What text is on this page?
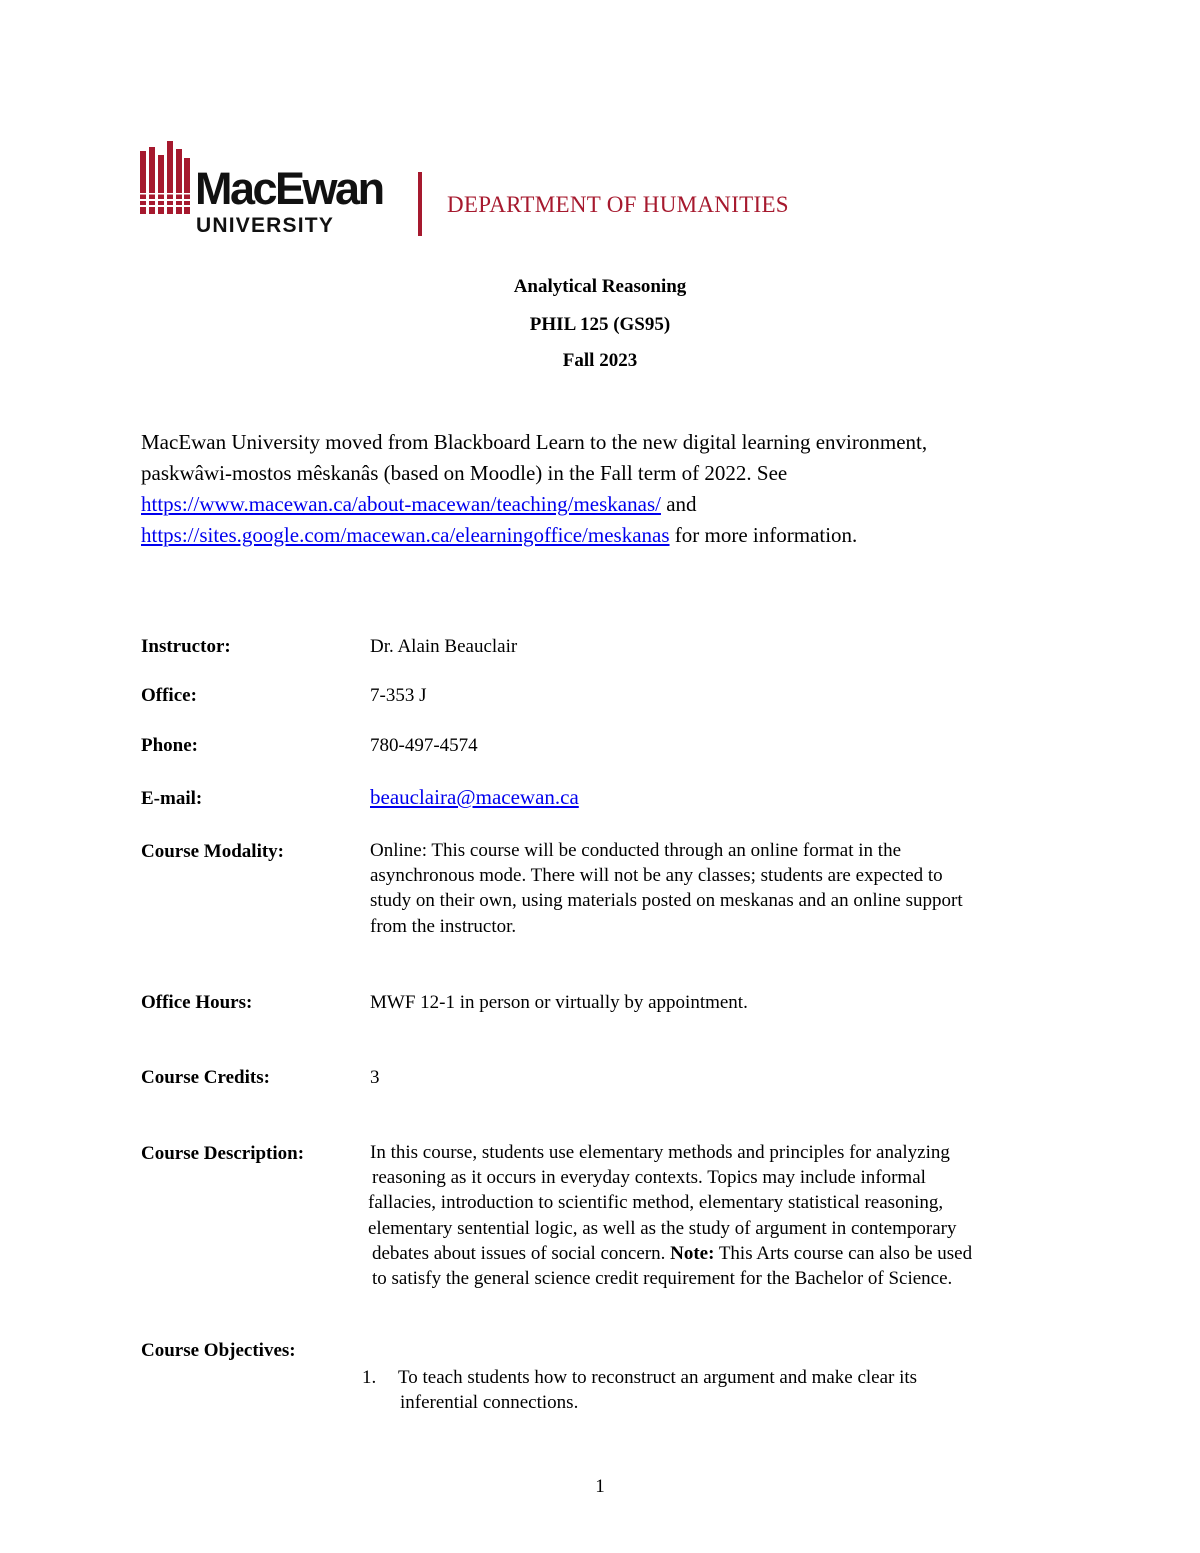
MacEwan
UNIVERSITY
DEPARTMENT OF HUMANITIES
Analytical Reasoning
PHIL 125 (GS95)
Fall 2023

MacEwan University moved from Blackboard Learn to the new digital learning environment,

paskwâwi-mostos mêskanâs (based on Moodle) in the Fall term of 2022. See

https://www.macewan.ca/about-macewan/teaching/meskanas/ and

https://sites.google.com/macewan.ca/elearningoffice/meskanas for more information.

Instructor:	Dr. Alain Beauclair
Office:	7-353 J
Phone:	780-497-4574
E-mail:	beauclaira@macewan.ca
Course Modality:	Online: This course will be conducted through an online format in the

asynchronous mode. There will not be any classes; students are expected to

study on their own, using materials posted on meskanas and an online support

from the instructor.

Office Hours:	MWF 12-1 in person or virtually by appointment.
Course Credits:	3
Course Description:	In this course, students use elementary methods and principles for analyzing

reasoning as it occurs in everyday contexts. Topics may include informal

fallacies, introduction to scientific method, elementary statistical reasoning,

elementary sentential logic, as well as the study of argument in contemporary

debates about issues of social concern. Note: This Arts course can also be used

to satisfy the general science credit requirement for the Bachelor of Science.

Course Objectives:
1. To teach students how to reconstruct an argument and make clear its
inferential connections.
1
